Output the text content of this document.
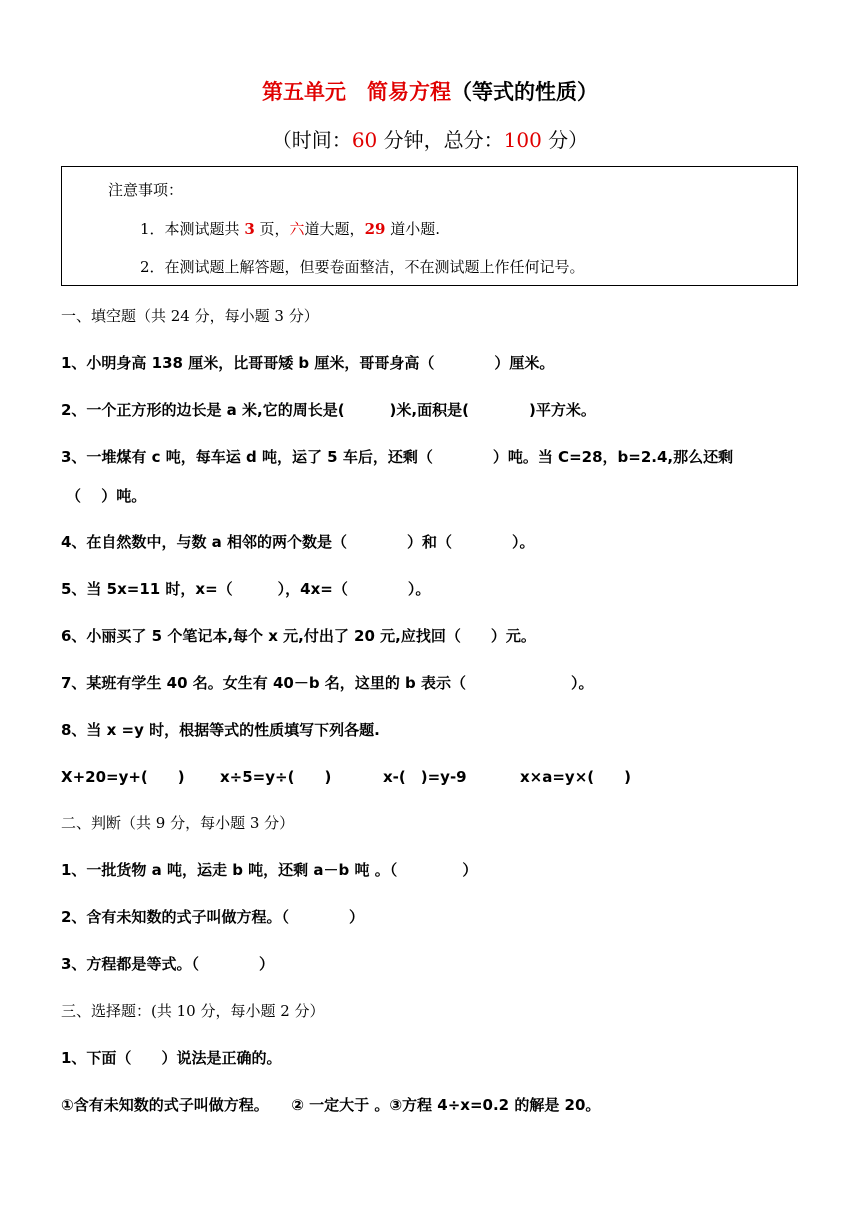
第五单元　简易方程（等式的性质）
（时间：60 分钟，总分：100 分）
注意事项：
1．本测试题共 3 页，六道大题，29 道小题.
2．在测试题上解答题，但要卷面整洁，不在测试题上作任何记号。
一、填空题（共 24 分，每小题 3 分）
1、小明身高 138 厘米，比哥哥矮 b 厘米，哥哥身高（　　　　）厘米。
2、一个正方形的边长是 a 米,它的周长是(　　　)米,面积是(　　　　)平方米。
3、一堆煤有 c 吨，每车运 d 吨，运了 5 车后，还剩（　　　　）吨。当 C=28，b=2.4,那么还剩
（　 ）吨。
4、在自然数中，与数 a 相邻的两个数是（　　　　）和（　　　　）。
5、当 5x=11 时，x=（　　　），4x=（　　　　）。
6、小丽买了 5 个笔记本,每个 x 元,付出了 20 元,应找回（　　）元。
7、某班有学生 40 名。女生有 40－b 名，这里的 b 表示（　　　　　　　）。
8、当 x =y 时，根据等式的性质填写下列各题.
X+20=y+(　　) x÷5=y÷(　　)	x-(　)=y-9	x×a=y×(　　)
二、判断（共 9 分，每小题 3 分）
1、一批货物 a 吨，运走 b 吨，还剩 a－b 吨 。（　　　　 ）
2、含有未知数的式子叫做方程。（　　　　）
3、方程都是等式。（　　　　）
三、选择题：(共 10 分，每小题 2 分）
1、下面（　　）说法是正确的。
①含有未知数的式子叫做方程。　　② 一定大于 。③方程 4÷x=0.2 的解是 20。
